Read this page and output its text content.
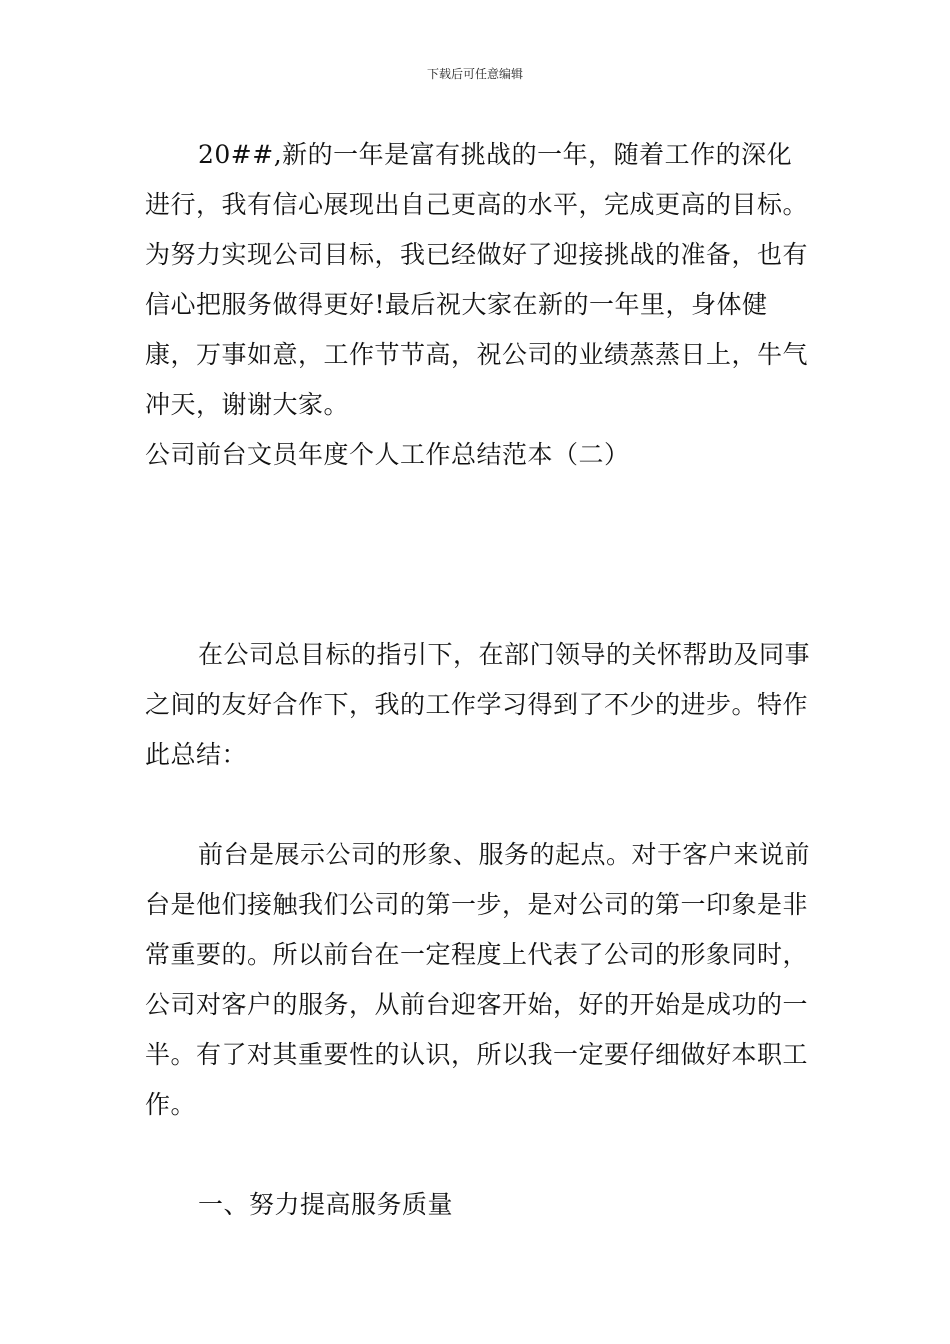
下载后可任意编辑

20##,新的一年是富有挑战的一年，随着工作的深化进行，我有信心展现出自己更高的水平，完成更高的目标。为努力实现公司目标，我已经做好了迎接挑战的准备，也有信心把服务做得更好!最后祝大家在新的一年里，身体健康，万事如意，工作节节高，祝公司的业绩蒸蒸日上，牛气冲天，谢谢大家。

公司前台文员年度个人工作总结范本（二）

在公司总目标的指引下，在部门领导的关怀帮助及同事之间的友好合作下，我的工作学习得到了不少的进步。特作此总结：

前台是展示公司的形象、服务的起点。对于客户来说前台是他们接触我们公司的第一步，是对公司的第一印象是非常重要的。所以前台在一定程度上代表了公司的形象同时，公司对客户的服务，从前台迎客开始，好的开始是成功的一半。有了对其重要性的认识，所以我一定要仔细做好本职工作。

一、努力提高服务质量
